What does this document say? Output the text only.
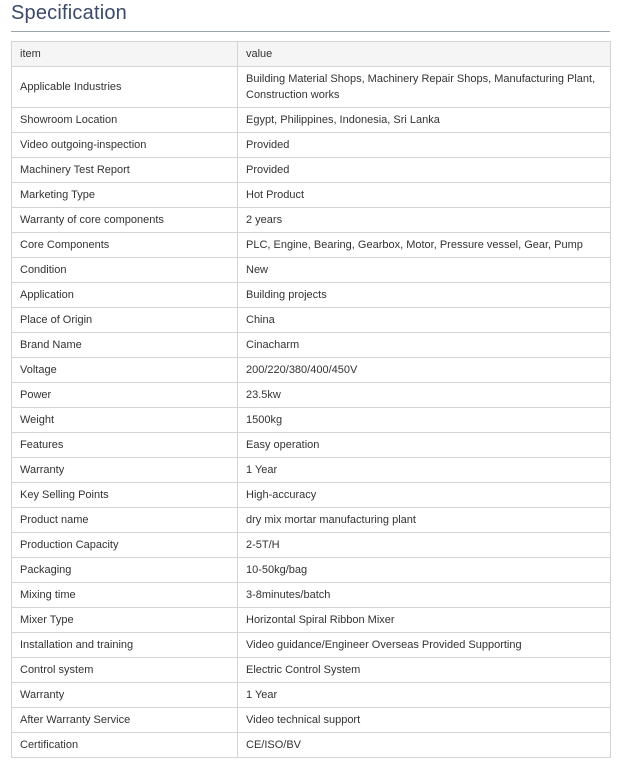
Specification
item	value
Applicable Industries	Building Material Shops, Machinery Repair Shops, Manufacturing Plant, Construction works
Showroom Location	Egypt, Philippines, Indonesia, Sri Lanka
Video outgoing-inspection	Provided
Machinery Test Report	Provided
Marketing Type	Hot Product
Warranty of core components	2 years
Core Components	PLC, Engine, Bearing, Gearbox, Motor, Pressure vessel, Gear, Pump
Condition	New
Application	Building projects
Place of Origin	China
Brand Name	Cinacharm
Voltage	200/220/380/400/450V
Power	23.5kw
Weight	1500kg
Features	Easy operation
Warranty	1 Year
Key Selling Points	High-accuracy
Product name	dry mix mortar manufacturing plant
Production Capacity	2-5T/H
Packaging	10-50kg/bag
Mixing time	3-8minutes/batch
Mixer Type	Horizontal Spiral Ribbon Mixer
Installation and training	Video guidance/Engineer Overseas Provided Supporting
Control system	Electric Control System
Warranty	1 Year
After Warranty Service	Video technical support
Certification	CE/ISO/BV
